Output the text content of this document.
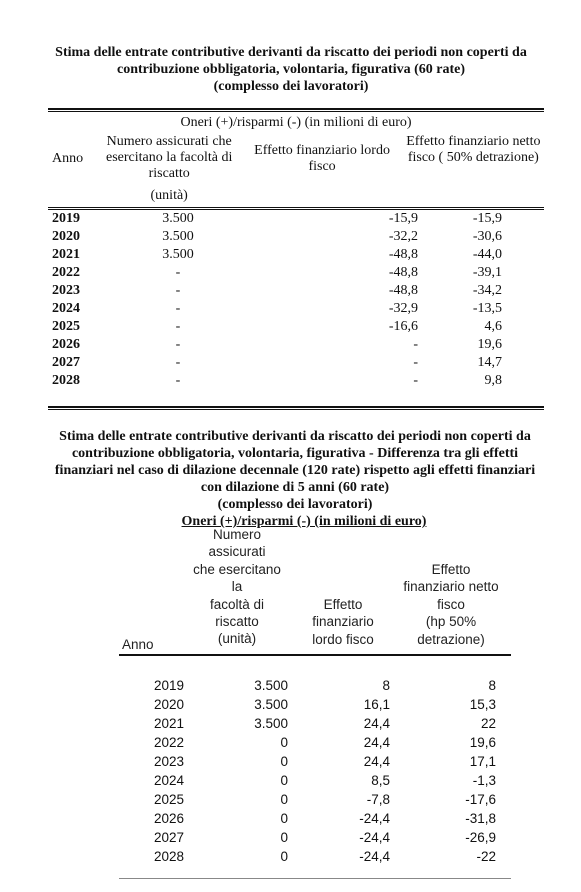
Stima delle entrate contributive derivanti da riscatto dei periodi non coperti da
contribuzione obbligatoria, volontaria, figurativa (60 rate)
(complesso dei lavoratori)
Oneri (+)/risparmi (-) (in milioni di euro)
Anno	
Numero assicurati che esercitano la facoltà di riscatto
(unità)
	Effetto finanziario lordo fisco	Effetto finanziario netto fisco ( 50% detrazione)
2019	3.500	-15,9	-15,9
2020	3.500	-32,2	-30,6
2021	3.500	-48,8	-44,0
2022	-	-48,8	-39,1
2023	-	-48,8	-34,2
2024	-	-32,9	-13,5
2025	-	-16,6	4,6
2026	-	-	19,6
2027	-	-	14,7
2028	-	-	9,8
Stima delle entrate contributive derivanti da riscatto dei periodi non coperti da
contribuzione obbligatoria, volontaria, figurativa - Differenza tra gli effetti
finanziari nel caso di dilazione decennale (120 rate) rispetto agli effetti finanziari
con dilazione di 5 anni (60 rate)
(complesso dei lavoratori)
Oneri (+)/risparmi (-) (in milioni di euro)
Numero
assicurati
che esercitano
la
facoltà di
riscatto
(unità)
Effetto
finanziario
lordo fisco
Effetto
finanziario netto
fisco
(hp 50%
detrazione)
Anno
2019	3.500	8	8
2020	3.500	16,1	15,3
2021	3.500	24,4	22
2022	0	24,4	19,6
2023	0	24,4	17,1
2024	0	8,5	-1,3
2025	0	-7,8	-17,6
2026	0	-24,4	-31,8
2027	0	-24,4	-26,9
2028	0	-24,4	-22
